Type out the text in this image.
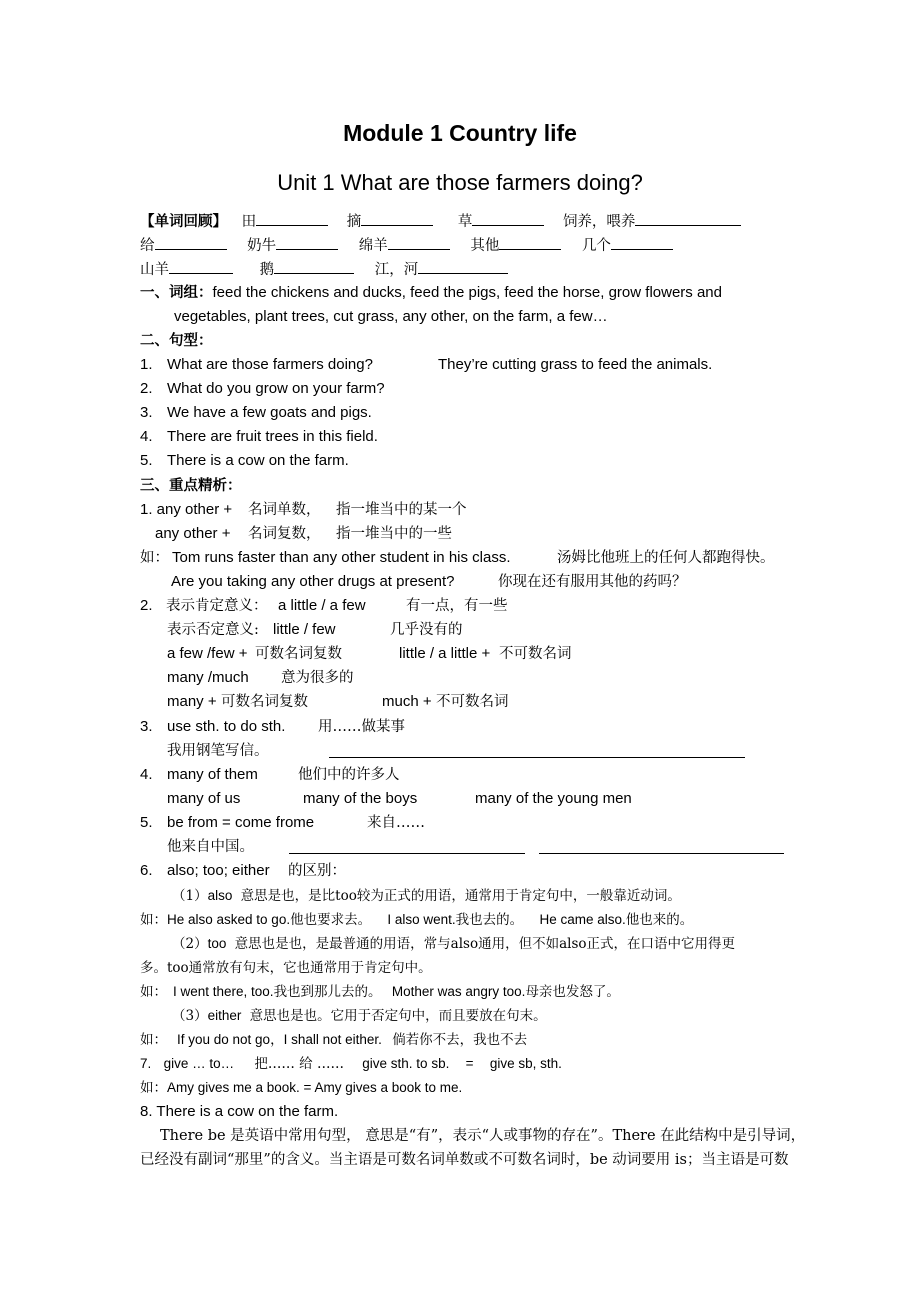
Module 1 Country life
Unit 1 What are those farmers doing?
【单词回顾】 田	摘	草	饲养，喂养
给	奶牛	绵羊	其他	几个
山羊	鹅	江，河
一、词组：feed the chickens and ducks, feed the pigs, feed the horse, grow flowers and
vegetables, plant trees, cut grass, any other, on the farm, a few…
二、句型：
1. What are those farmers doing?	They’re cutting grass to feed the animals.
2. What do you grow on your farm?
3. We have a few goats and pigs.
4. There are fruit trees in this field.
5. There is a cow on the farm.
三、重点精析：
1. any other + 名词单数， 指一堆当中的某一个
any other + 名词复数， 指一堆当中的一些
如： Tom runs faster than any other student in his class.	汤姆比他班上的任何人都跑得快。
Are you taking any other drugs at present?	你现在还有服用其他的药吗？
2. 表示肯定意义： a little / a few	有一点，有一些
表示否定意义: little / few	几乎没有的
a few /few + 可数名词复数	little / a little + 不可数名词
many /much 意为很多的
many + 可数名词复数	much + 不可数名词
3. use sth. to do sth. 用……做某事
我用钢笔写信。
4. many of them	他们中的许多人
many of us	many of the boys	many of the young men
5. be from = come frome	来自……
他来自中国。
6. also; too; either 的区别：
（1）also 意思是也，是比too较为正式的用语，通常用于肯定句中，一般靠近动词。
如：He also asked to go.他也要求去。 I also went.我也去的。 He came also.他也来的。
（2）too 意思也是也，是最普通的用语，常与also通用，但不如also正式，在口语中它用得更
多。too通常放有句末，它也通常用于肯定句中。
如： I went there, too.我也到那儿去的。 Mother was angry too.母亲也发怒了。
（3）either 意思也是也。它用于否定句中，而且要放在句末。
如： If you do not go，I shall not either. 倘若你不去，我也不去
7. give … to… 把…… 给 …… give sth. to sb. = give sb, sth.
如：Amy gives me a book. = Amy gives a book to me.
8. There is a cow on the farm.
There be 是英语中常用句型， 意思是“有”，表示“人或事物的存在”。There 在此结构中是引导词，
已经没有副词“那里”的含义。当主语是可数名词单数或不可数名词时，be 动词要用 is；当主语是可数
